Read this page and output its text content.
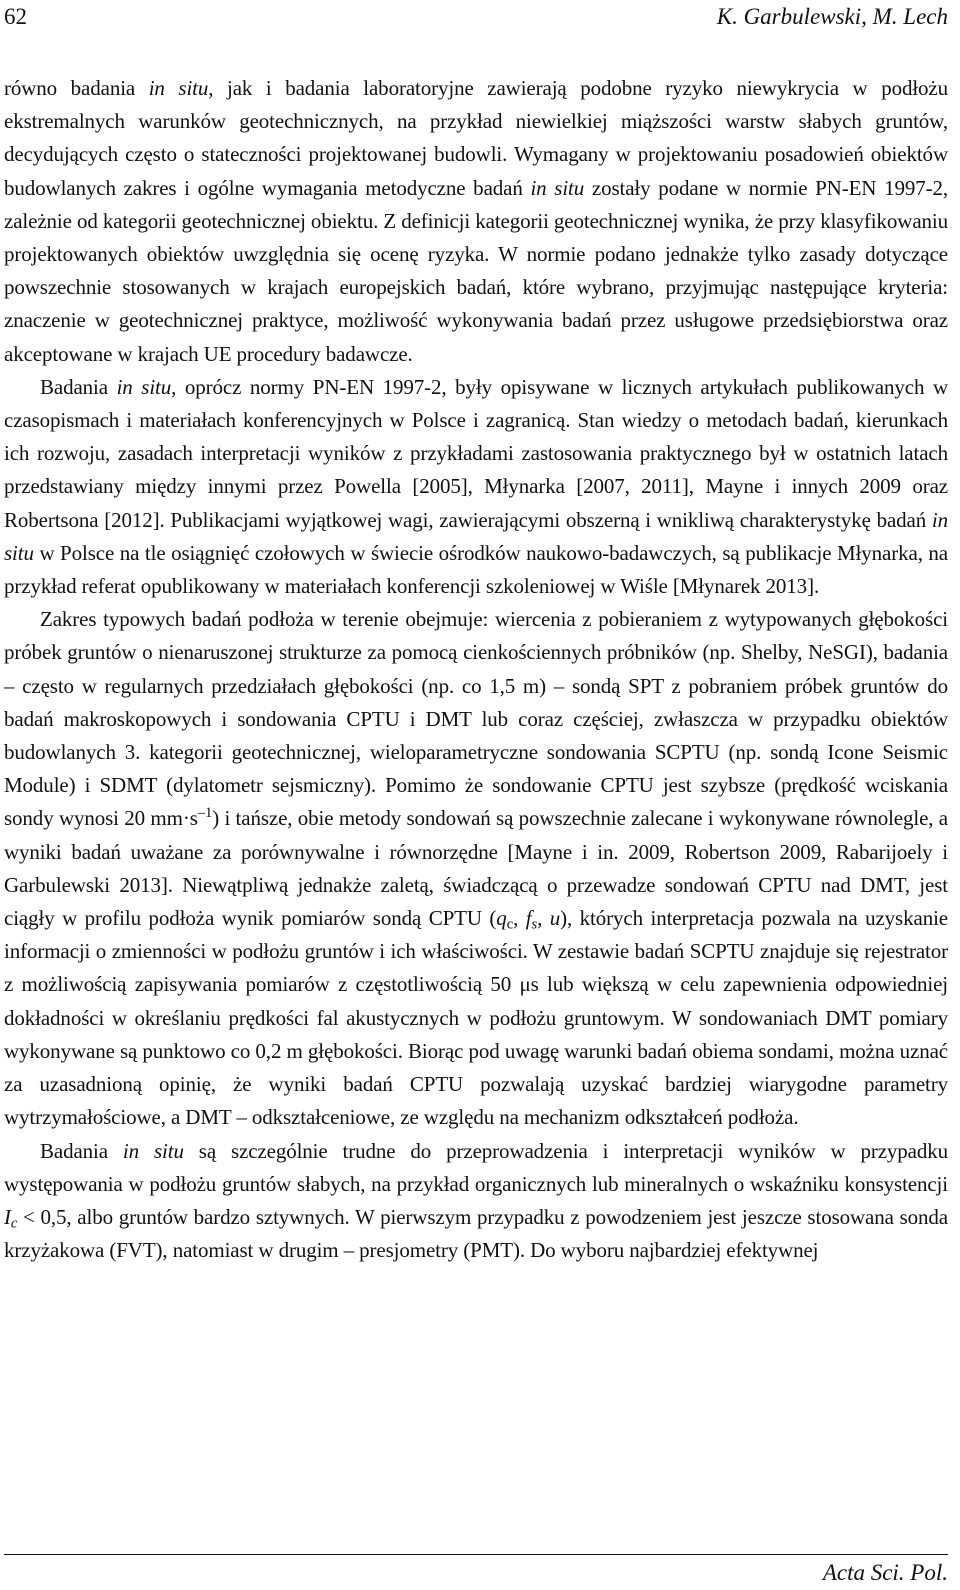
62	K. Garbulewski, M. Lech

równo badania in situ, jak i badania laboratoryjne zawierają podobne ryzyko niewykrycia w podłożu ekstremalnych warunków geotechnicznych, na przykład niewielkiej miąższości warstw słabych gruntów, decydujących często o stateczności projektowanej budowli. Wymagany w projektowaniu posadowień obiektów budowlanych zakres i ogólne wymagania metodyczne badań in situ zostały podane w normie PN-EN 1997-2, zależnie od kategorii geotechnicznej obiektu. Z definicji kategorii geotechnicznej wynika, że przy klasyfikowaniu projektowanych obiektów uwzględnia się ocenę ryzyka. W normie podano jednakże tylko zasady dotyczące powszechnie stosowanych w krajach europejskich badań, które wybrano, przyjmując następujące kryteria: znaczenie w geotechnicznej praktyce, możliwość wykonywania badań przez usługowe przedsiębiorstwa oraz akceptowane w krajach UE procedury badawcze.

Badania in situ, oprócz normy PN-EN 1997-2, były opisywane w licznych artykułach publikowanych w czasopismach i materiałach konferencyjnych w Polsce i zagranicą. Stan wiedzy o metodach badań, kierunkach ich rozwoju, zasadach interpretacji wyników z przykładami zastosowania praktycznego był w ostatnich latach przedstawiany między innymi przez Powella [2005], Młynarka [2007, 2011], Mayne i innych 2009 oraz Robertsona [2012]. Publikacjami wyjątkowej wagi, zawierającymi obszerną i wnikliwą charakterystykę badań in situ w Polsce na tle osiągnięć czołowych w świecie ośrodków naukowo-badawczych, są publikacje Młynarka, na przykład referat opublikowany w materiałach konferencji szkoleniowej w Wiśle [Młynarek 2013].

Zakres typowych badań podłoża w terenie obejmuje: wiercenia z pobieraniem z wytypowanych głębokości próbek gruntów o nienaruszonej strukturze za pomocą cienkościennych próbników (np. Shelby, NeSGI), badania – często w regularnych przedziałach głębokości (np. co 1,5 m) – sondą SPT z pobraniem próbek gruntów do badań makroskopowych i sondowania CPTU i DMT lub coraz częściej, zwłaszcza w przypadku obiektów budowlanych 3. kategorii geotechnicznej, wieloparametryczne sondowania SCPTU (np. sondą Icone Seismic Module) i SDMT (dylatometr sejsmiczny). Pomimo że sondowanie CPTU jest szybsze (prędkość wciskania sondy wynosi 20 $mm\cdot s^{-1}$) i tańsze, obie metody sondowań są powszechnie zalecane i wykonywane równolegle, a wyniki badań uważane za porównywalne i równorzędne [Mayne i in. 2009, Robertson 2009, Rabarijoely i Garbulewski 2013]. Niewątpliwą jednakże zaletą, świadczącą o przewadze sondowań CPTU nad DMT, jest ciągły w profilu podłoża wynik pomiarów sondą CPTU ($q_c$, $f_s$, u), których interpretacja pozwala na uzyskanie informacji o zmienności w podłożu gruntów i ich właściwości. W zestawie badań SCPTU znajduje się rejestrator z możliwością zapisywania pomiarów z częstotliwością 50 μs lub większą w celu zapewnienia odpowiedniej dokładności w określaniu prędkości fal akustycznych w podłożu gruntowym. W sondowaniach DMT pomiary wykonywane są punktowo co 0,2 m głębokości. Biorąc pod uwagę warunki badań obiema sondami, można uznać za uzasadnioną opinię, że wyniki badań CPTU pozwalają uzyskać bardziej wiarygodne parametry wytrzymałościowe, a DMT – odkształceniowe, ze względu na mechanizm odkształceń podłoża.

Badania in situ są szczególnie trudne do przeprowadzenia i interpretacji wyników w przypadku występowania w podłożu gruntów słabych, na przykład organicznych lub mineralnych o wskaźniku konsystencji $I_c < 0,5$, albo gruntów bardzo sztywnych. W pierwszym przypadku z powodzeniem jest jeszcze stosowana sonda krzyżakowa (FVT), natomiast w drugim – presjometry (PMT). Do wyboru najbardziej efektywnej

Acta Sci. Pol.
